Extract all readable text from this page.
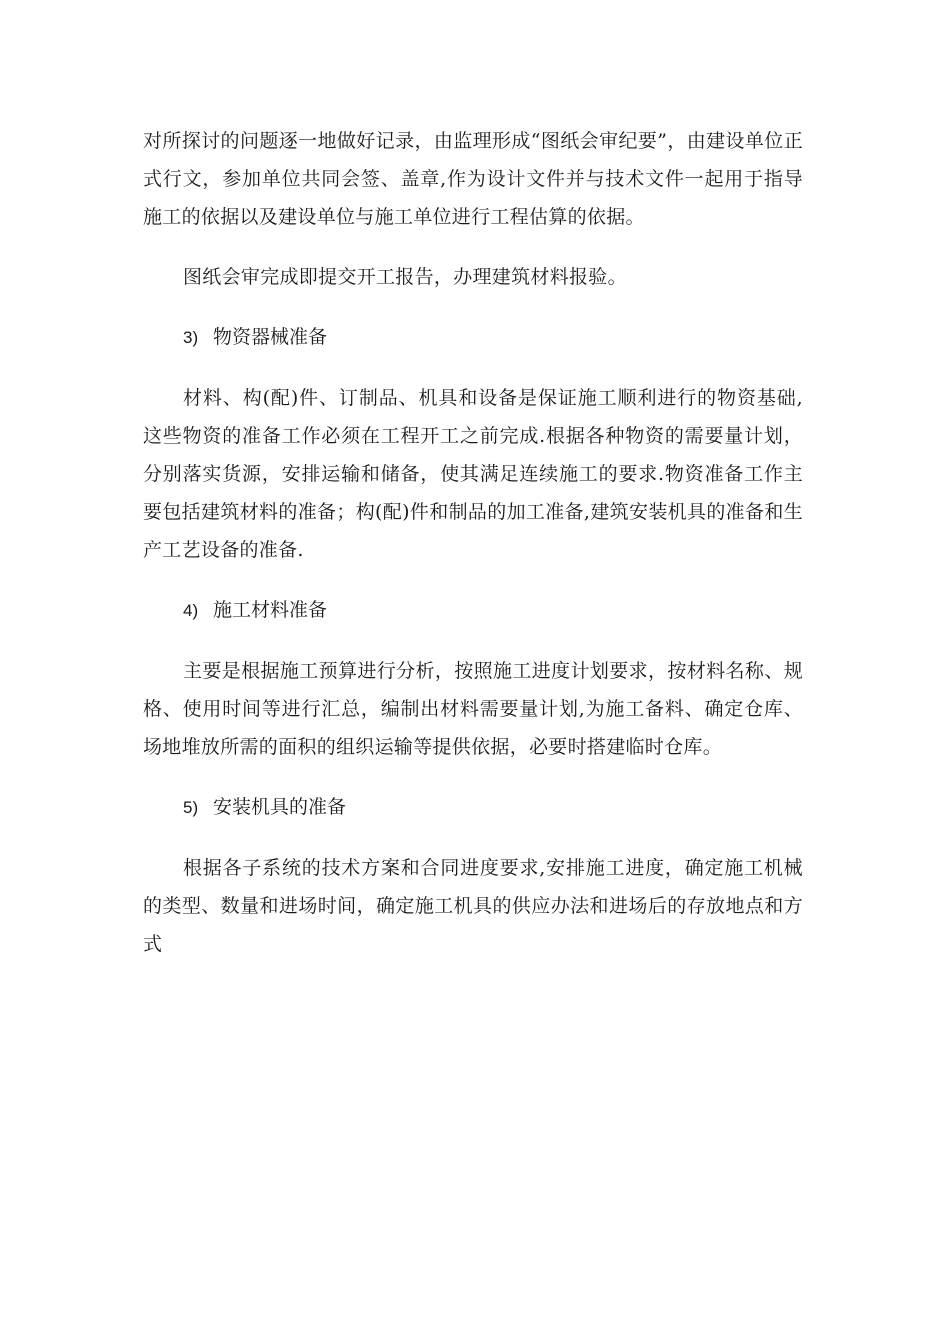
对所探讨的问题逐一地做好记录，由监理形成“图纸会审纪要”，由建设单位正式行文，参加单位共同会签、盖章,作为设计文件并与技术文件一起用于指导施工的依据以及建设单位与施工单位进行工程估算的依据。

图纸会审完成即提交开工报告，办理建筑材料报验。

3) 物资器械准备

材料、构(配)件、订制品、机具和设备是保证施工顺利进行的物资基础,这些物资的准备工作必须在工程开工之前完成.根据各种物资的需要量计划，分别落实货源，安排运输和储备，使其满足连续施工的要求.物资准备工作主要包括建筑材料的准备；构(配)件和制品的加工准备,建筑安装机具的准备和生产工艺设备的准备.

4) 施工材料准备

主要是根据施工预算进行分析，按照施工进度计划要求，按材料名称、规格、使用时间等进行汇总，编制出材料需要量计划,为施工备料、确定仓库、场地堆放所需的面积的组织运输等提供依据，必要时搭建临时仓库。

5) 安装机具的准备

根据各子系统的技术方案和合同进度要求,安排施工进度，确定施工机械的类型、数量和进场时间，确定施工机具的供应办法和进场后的存放地点和方式
